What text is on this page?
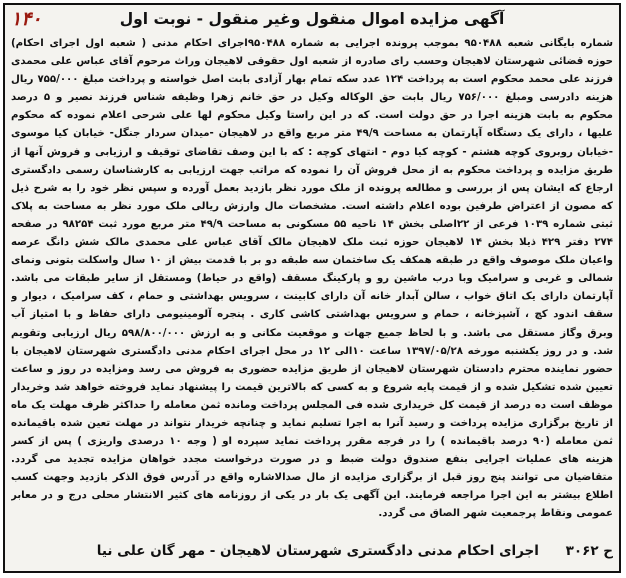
۱۴۰	آگهی مزایده اموال منقول وغیر منقول - نوبت اول
شماره بایگانی شعبه ۹۵۰۴۸۸ بموجب پرونده اجرایی به شماره ۹۵۰۴۸۸اجرای احکام مدنی ( شعبه اول اجرای احکام) حوزه قضائی شهرستان لاهیجان وحسب رای صادره از شعبه اول حقوقی لاهیجان وراث مرحوم آقای عباس علی محمدی فرزند علی محمد محکوم است به پرداخت ۱۲۴ عدد سکه تمام بهار آزادی بابت اصل خواسته و پرداخت مبلغ ۷۵۵/۰۰۰ ریال هزینه دادرسی ومبلغ ۷۵۶/۰۰۰ ریال بابت حق الوکاله وکیل در حق خانم زهرا وظیفه شناس فرزند نصیر و ۵ درصد محکوم به بابت هزینه اجرا در حق دولت است. که در این راستا وکیل محکوم لها علی شرحی اعلام نموده که محکوم علیها ، دارای یک دستگاه آپارتمان به مساحت ۴۹/۹ متر مربع واقع در لاهیجان -میدان سردار جنگل- خیابان کیا موسوی -خیابان روبروی کوچه هشتم - کوچه کیا دوم - انتهای کوچه : که با این وصف تقاضای توقیف و ارزیابی و فروش آنها از طریق مزایده و پرداخت محکوم به از محل فروش آن را نموده که مراتب جهت ارزیابی به کارشناسان رسمی دادگستری ارجاع که ایشان پس از بررسی و مطالعه پرونده از ملک مورد نظر بازدید بعمل آورده و سپس نظر خود را به شرح ذیل که مصون از اعتراض طرفین بوده اعلام داشته است. مشخصات مال وارزش ریالی ملک مورد نظر به مساحت به پلاک ثبتی شماره ۱۰۳۹ فرعی از ۲۲اصلی بخش ۱۴ ناحیه ۵۵ مسکونی به مساحت ۴۹/۹ متر مربع مورد ثبت ۹۸۲۵۴ در صفحه ۲۷۴ دفتر ۴۲۹ ذیلا بخش ۱۴ لاهیجان حوزه ثبت ملک لاهیجان مالک آقای عباس علی محمدی مالک شش دانگ عرصه واعیان ملک موصوف واقع در طبقه همکف یک ساختمان سه طبقه دو بر با قدمت بیش از ۱۰ سال واسکلت بتونی ونمای شمالی و غربی و سرامیک وبا درب ماشین رو و پارکینگ مسقف (واقع در حیاط) ومستقل از سایر طبقات می باشد. آپارتمان دارای یک اتاق خواب ، سالن آبدار خانه آن دارای کابینت ، سرویس بهداشتی و حمام ، کف سرامیک ، دیوار و سقف اندود کچ ، آشپزخانه ، حمام و سرویس بهداشتی کاشی کاری . پنجره آلومینیومی دارای حفاظ و با امتیاز آب وبرق وگاز مستقل می باشد. و با لحاظ جمیع جهات و موقعیت مکانی و به ارزش ۵۹۸/۸۰۰/۰۰۰ ریال ارزیابی وتقویم شد. و در روز یکشنبه مورخه ۱۳۹۷/۰۵/۲۸ ساعت ۱۰الی ۱۲ در محل اجرای احکام مدنی دادگستری شهرستان لاهیجان با حضور نماینده محترم دادستان شهرستان لاهیجان از طریق مزایده حضوری به فروش می رسد ومزایده در روز و ساعت تعیین شده تشکیل شده و از قیمت پایه شروع و به کسی که بالاترین قیمت را پیشنهاد نماید فروخته خواهد شد وخریدار موظف است ده درصد از قیمت کل خریداری شده فی المجلس پرداخت ومانده ثمن معامله را حداکثر ظرف مهلت یک ماه از تاریخ برگزاری مزایده پرداخت و رسید آنرا به اجرا تسلیم نماید و چنانچه خریدار نتواند در مهلت تعین شده باقیمانده ثمن معامله (۹۰ درصد باقیمانده ) را در فرجه مقرر پرداخت نماید سپرده او ( وجه ۱۰ درصدی واریزی ) پس از کسر هزینه های عملیات اجرایی بنفع صندوق دولت ضبط و در صورت درخواست مجدد خواهان مزایده تجدید می گردد. متقاضیان می توانند پنج روز قبل از برگزاری مزایده از مال صدالاشاره واقع در آدرس فوق الذکر بازدید وجهت کسب اطلاع بیشتر به این اجرا مراجعه فرمایند. این آگهی یک بار در یکی از روزنامه های کثیر الانتشار محلی درج و در معابر عمومی ونقاط پرجمعیت شهر الصاق می گردد.
ح ۳۰۶۲ اجرای احکام مدنی دادگستری شهرستان لاهیجان - مهر گان علی نیا
